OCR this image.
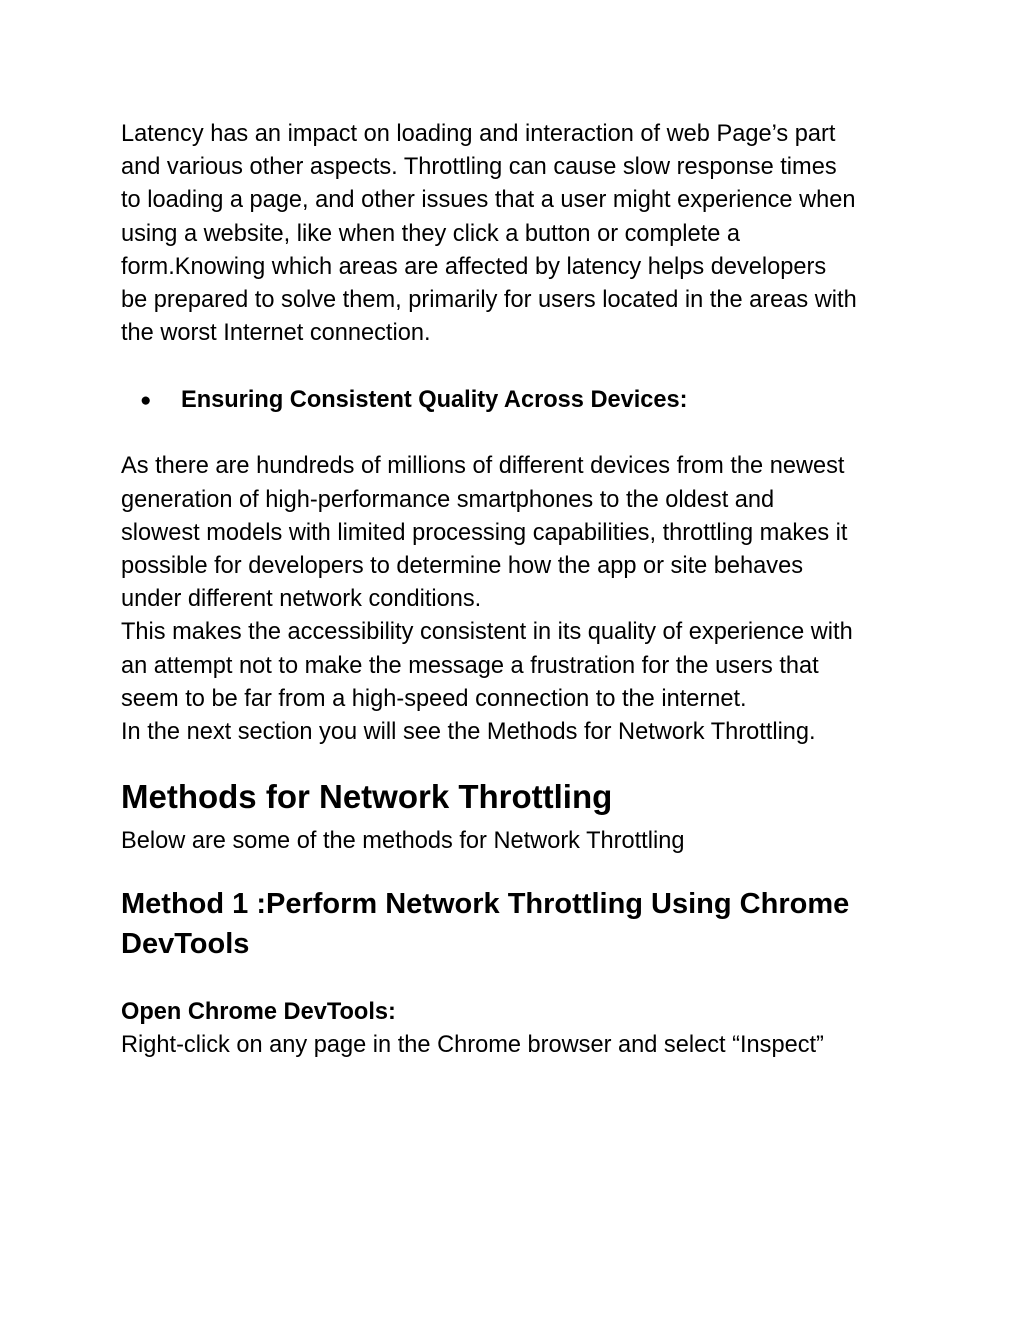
Latency has an impact on loading and interaction of web Page’s part
and various other aspects. Throttling can cause slow response times
to loading a page, and other issues that a user might experience when
using a website, like when they click a button or complete a
form.Knowing which areas are affected by latency helps developers
be prepared to solve them, primarily for users located in the areas with
the worst Internet connection.

●	Ensuring Consistent Quality Across Devices:

As there are hundreds of millions of different devices from the newest
generation of high-performance smartphones to the oldest and
slowest models with limited processing capabilities, throttling makes it
possible for developers to determine how the app or site behaves
under different network conditions.

This makes the accessibility consistent in its quality of experience with
an attempt not to make the message a frustration for the users that
seem to be far from a high-speed connection to the internet.

In the next section you will see the Methods for Network Throttling.

Methods for Network Throttling

Below are some of the methods for Network Throttling

Method 1 :Perform Network Throttling Using Chrome
DevTools
Open Chrome DevTools:

Right-click on any page in the Chrome browser and select “Inspect”
